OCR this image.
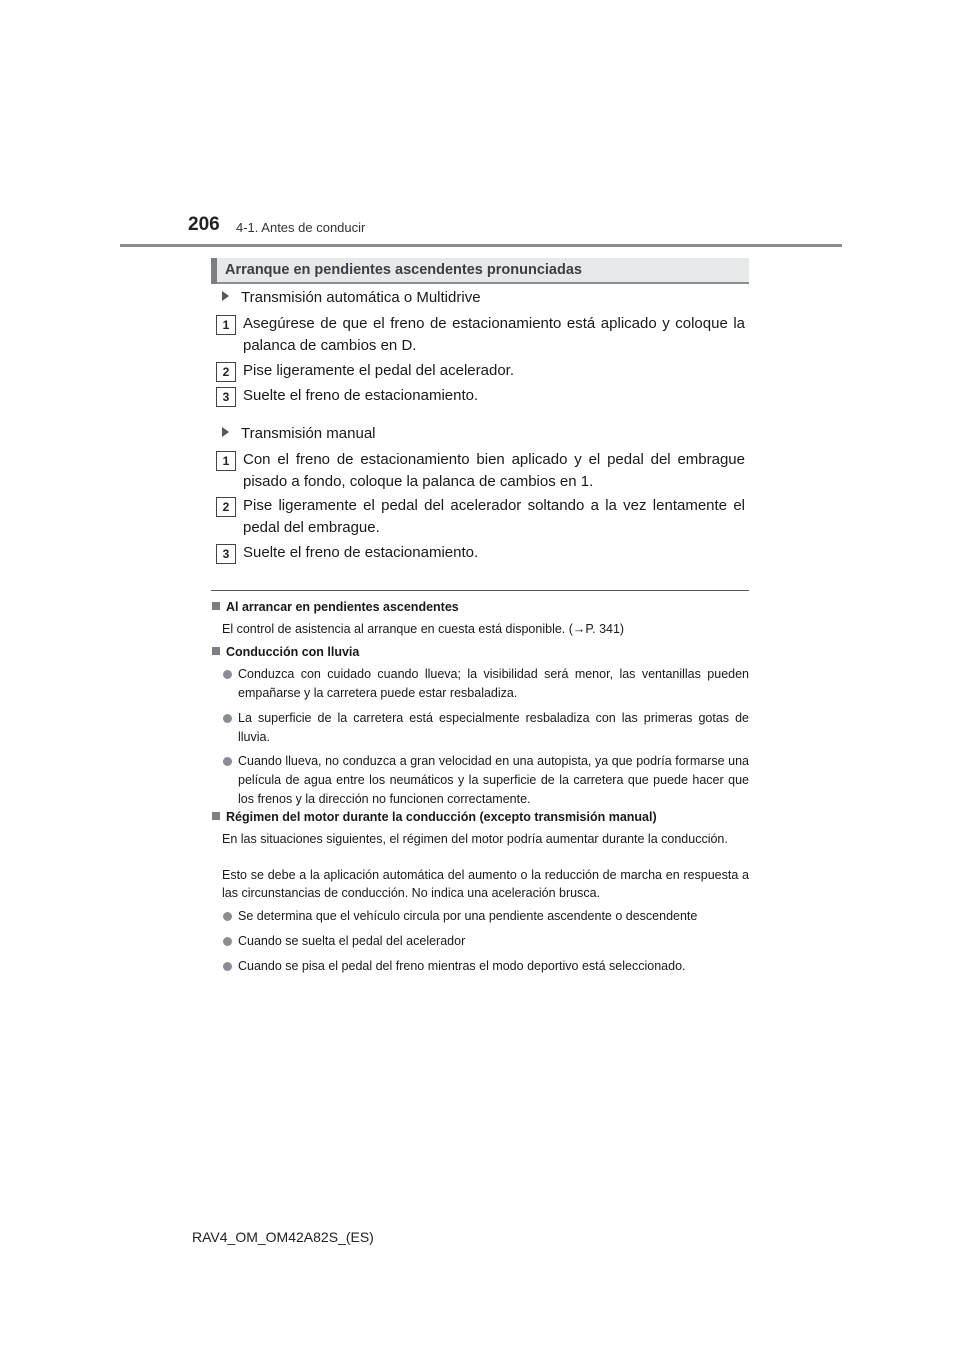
206 4-1. Antes de conducir
Arranque en pendientes ascendentes pronunciadas
Transmisión automática o Multidrive
1 Asegúrese de que el freno de estacionamiento está aplicado y coloque la palanca de cambios en D.
2 Pise ligeramente el pedal del acelerador.
3 Suelte el freno de estacionamiento.
Transmisión manual
1 Con el freno de estacionamiento bien aplicado y el pedal del embrague pisado a fondo, coloque la palanca de cambios en 1.
2 Pise ligeramente el pedal del acelerador soltando a la vez lentamente el pedal del embrague.
3 Suelte el freno de estacionamiento.
Al arrancar en pendientes ascendentes
El control de asistencia al arranque en cuesta está disponible. (→P. 341)
Conducción con lluvia
Conduzca con cuidado cuando llueva; la visibilidad será menor, las ventanillas pueden empañarse y la carretera puede estar resbaladiza.
La superficie de la carretera está especialmente resbaladiza con las primeras gotas de lluvia.
Cuando llueva, no conduzca a gran velocidad en una autopista, ya que podría formarse una película de agua entre los neumáticos y la superficie de la carretera que puede hacer que los frenos y la dirección no funcionen correctamente.
Régimen del motor durante la conducción (excepto transmisión manual)
En las situaciones siguientes, el régimen del motor podría aumentar durante la conducción.
Esto se debe a la aplicación automática del aumento o la reducción de marcha en respuesta a las circunstancias de conducción. No indica una aceleración brusca.
Se determina que el vehículo circula por una pendiente ascendente o descendente
Cuando se suelta el pedal del acelerador
Cuando se pisa el pedal del freno mientras el modo deportivo está seleccionado.
RAV4_OM_OM42A82S_(ES)
